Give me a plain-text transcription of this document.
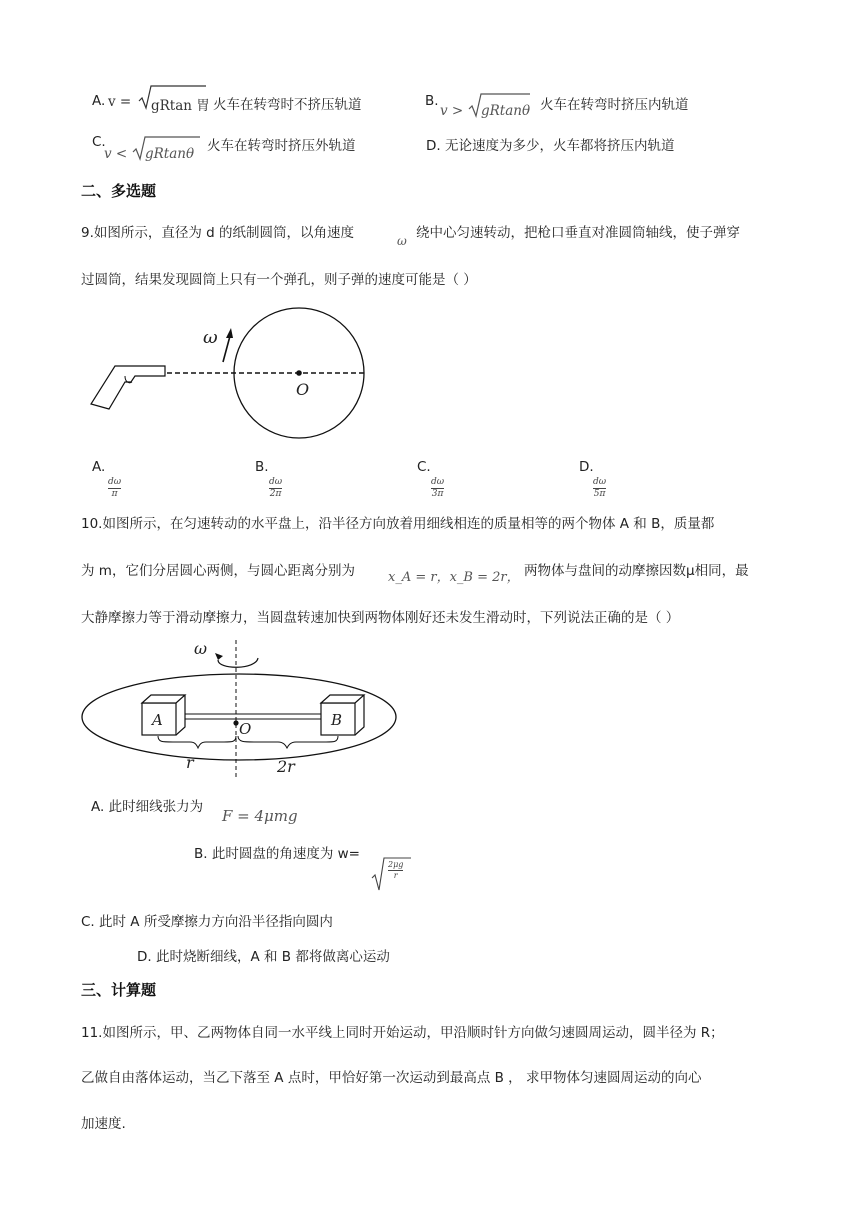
A. v = gRtan 胃 火车在转弯时不挤压轨道	B.
v > gRtanθ 火车在转弯时挤压内轨道
C.
v < gRtanθ 火车在转弯时挤压外轨道	D. 无论速度为多少，火车都将挤压内轨道
二、多选题
9.如图所示，直径为 d 的纸制圆筒，以角速度	ω 绕中心匀速转动，把枪口垂直对准圆筒轴线，使子弹穿
过圆筒，结果发现圆筒上只有一个弹孔，则子弹的速度可能是（ ）
ω
O
A.
dω
π
B.
dω
2π
C.
dω
3π
D.
dω
5π
10.如图所示，在匀速转动的水平盘上，沿半径方向放着用细线相连的质量相等的两个物体 A 和 B，质量都
为 m，它们分居圆心两侧，与圆心距离分别为	x_A = r，x_B = 2r， 两物体与盘间的动摩擦因数μ相同，最
大静摩擦力等于滑动摩擦力，当圆盘转速加快到两物体刚好还未发生滑动时，下列说法正确的是（ ）
ω
A	B
O
r	2r
A. 此时细线张力为 F = 4μmg
B. 此时圆盘的角速度为 w=
2μg
r
C. 此时 A 所受摩擦力方向沿半径指向圆内
D. 此时烧断细线，A 和 B 都将做离心运动
三、计算题
11.如图所示，甲、乙两物体自同一水平线上同时开始运动，甲沿顺时针方向做匀速圆周运动，圆半径为 R；
乙做自由落体运动，当乙下落至 A 点时，甲恰好第一次运动到最高点 B ， 求甲物体匀速圆周运动的向心
加速度.
